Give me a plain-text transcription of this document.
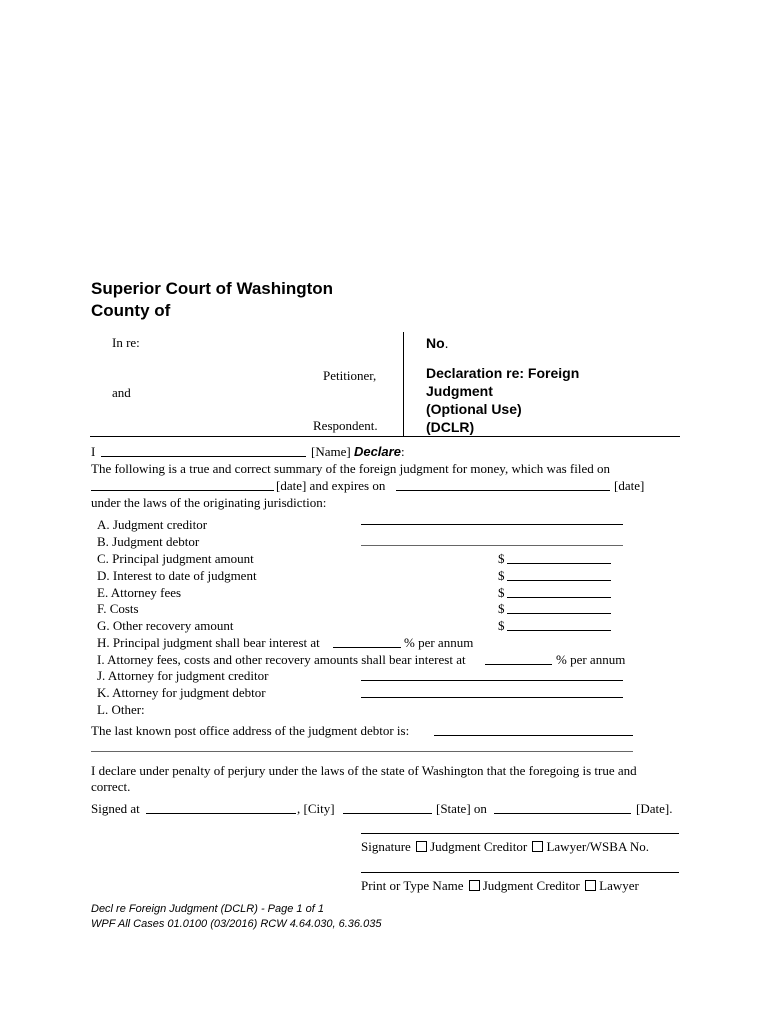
Superior Court of Washington
County of
In re:
Petitioner,
and
Respondent.
No.
Declaration re: Foreign
Judgment
(Optional Use)
(DCLR)
I	[Name] Declare:
The following is a true and correct summary of the foreign judgment for money, which was filed on
[date] and expires on	[date]
under the laws of the originating jurisdiction:
A. Judgment creditor
B. Judgment debtor
C. Principal judgment amount	$
D. Interest to date of judgment	$
E. Attorney fees	$
F. Costs	$
G. Other recovery amount	$
H. Principal judgment shall bear interest at	% per annum
I. Attorney fees, costs and other recovery amounts shall bear interest at	% per annum
J. Attorney for judgment creditor
K. Attorney for judgment debtor
L. Other:
The last known post office address of the judgment debtor is:
I declare under penalty of perjury under the laws of the state of Washington that the foregoing is true and
correct.
Signed at	, [City]	[State] on	[Date].
Signature Judgment Creditor Lawyer/WSBA No.
Print or Type Name Judgment Creditor Lawyer
Decl re Foreign Judgment (DCLR) - Page 1 of 1
WPF All Cases 01.0100 (03/2016) RCW 4.64.030, 6.36.035
